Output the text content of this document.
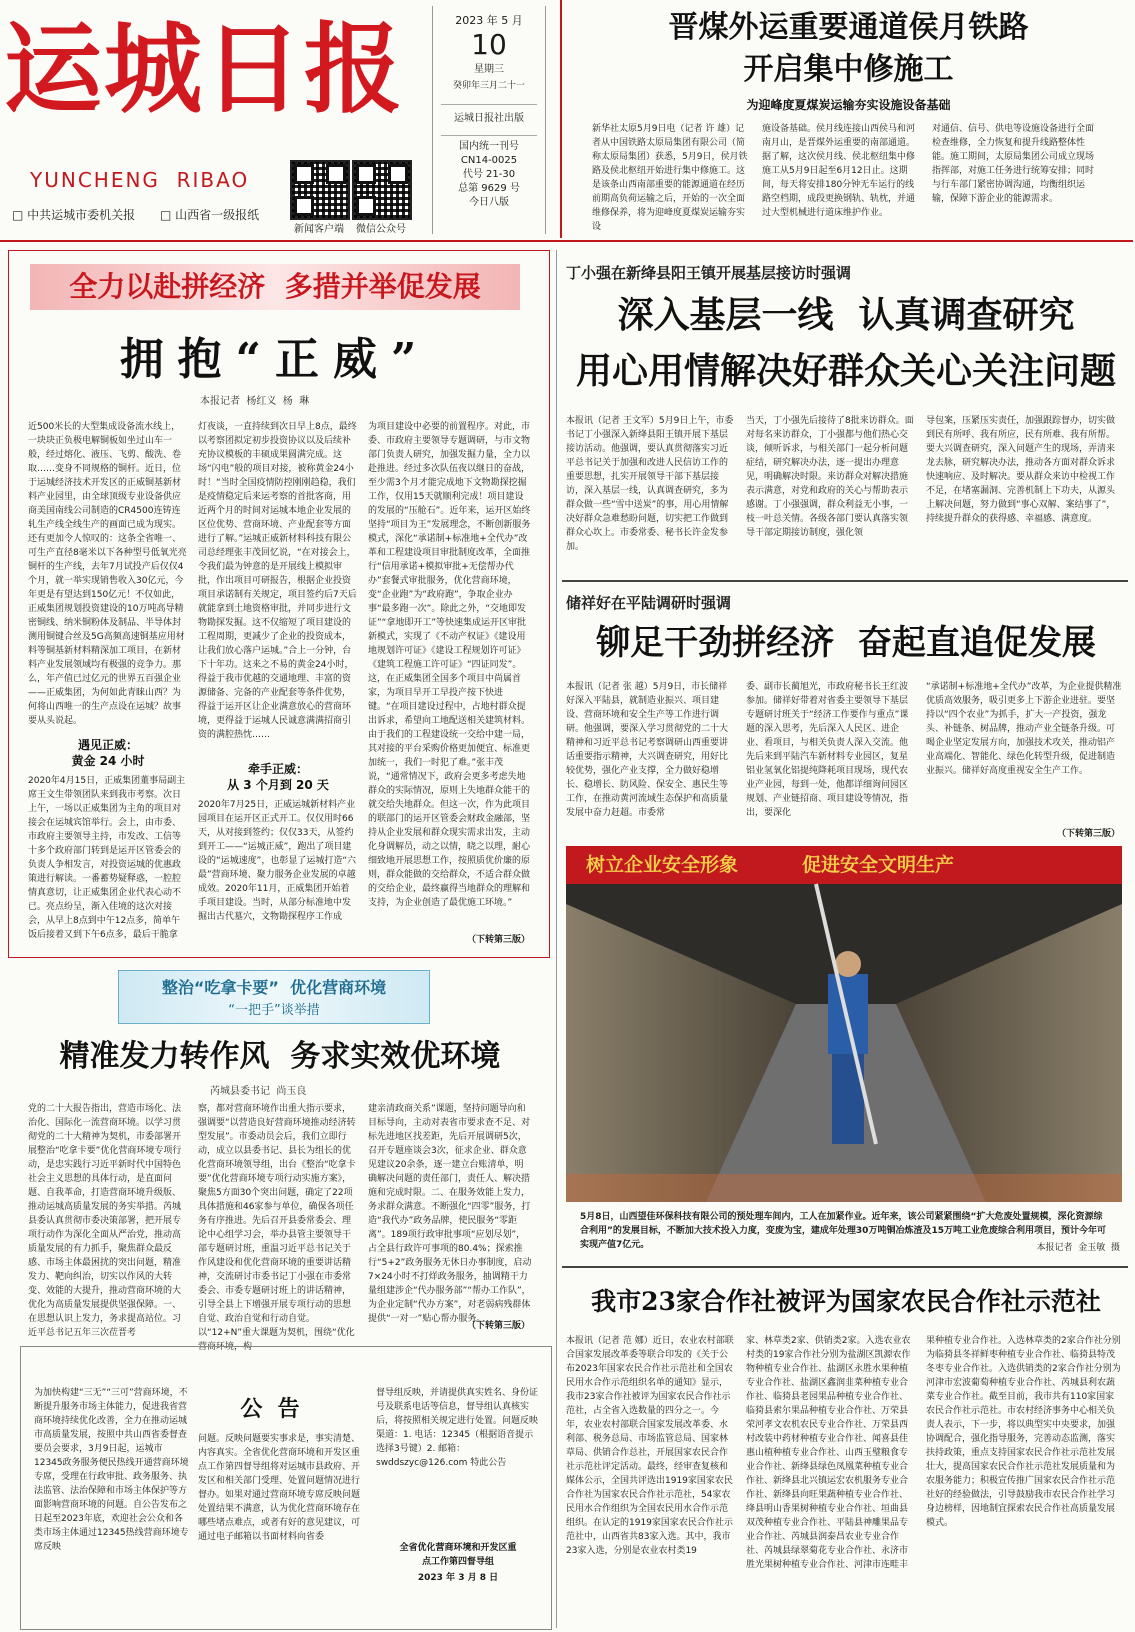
运城日报
YUNCHENG  RIBAO
□ 中共运城市委机关报	□ 山西省一级报纸
新闻客户端	微信公众号
2023 年 5 月
10
星期三
癸卯年三月二十一
运城日报社出版
国内统一刊号
CN14-0025
代号 21-30
总第 9629 号
今日八版
晋煤外运重要通道侯月铁路
开启集中修施工
为迎峰度夏煤炭运输夯实设施设备基础
新华社太原5月9日电（记者 许 雄）记者从中国铁路太原局集团有限公司（简称太原局集团）获悉，5月9日，侯月铁路及侯北枢纽开始进行集中修施工。这是该条山西南部重要的能源通道在经历前期高负荷运输之后，开始的一次全面维修保养，将为迎峰度夏煤炭运输夯实设
施设备基础。侯月线连接山西侯马和河南月山，是晋煤外运重要的南部通道。据了解，这次侯月线、侯北枢纽集中修施工从5月9日起至6月12日止。这期间，每天将安排180分钟无车运行的线路空档期，成段更换钢轨、轨枕，并通过大型机械进行道床维护作业。
对通信、信号、供电等设施设备进行全面检查维修，全力恢复和提升线路整体性能。施工期间，太原局集团公司成立现场指挥部，对施工任务进行统筹安排；同时与行车部门紧密协调沟通，均衡组织运输，保障下游企业的能源需求。
全力以赴拼经济  多措并举促发展
拥抱“正威”
本报记者  杨红义  杨  琳
近500米长的大型集成设备流水线上，一块块正负极电解铜板如坐过山车一般，经过熔化、液压、飞剪、酸洗、卷取……变身不同规格的铜杆。近日，位于运城经济技术开发区的正威铜基新材料产业园里，由全球顶级专业设备供应商美国南线公司制造的CR4500连铸连轧生产线全线生产的画面已成为现实。还有更加令人惊叹的：这条全省唯一、可生产直径8毫米以下各种型号低氧光亮铜杆的生产线，去年7月试投产后仅仅4个月，就一举实现销售收入30亿元，今年更是有望达到150亿元！不仅如此，正威集团规划投资建设的10万吨高导精密铜线、纳米铜粉体及制品、半导体封测用铜键合丝及5G高频高速铜基应用材料等铜基新材料精深加工项目，在新材料产业发展领域均有极强的竞争力。那么，年产值已过亿元的世界五百强企业——正威集团，为何如此青睐山西？为何将山西唯一的生产点设在运城？故事要从头说起。
遇见正威：
黄金 24 小时
2020年4月15日，正威集团董事局副主席王文生带领团队来到我市考察。次日上午，一场以正威集团为主角的项目对接会在运城宾馆举行。会上，由市委、市政府主要领导主持，市发改、工信等十多个政府部门转到是运开区管委会的负责人争相发言，对投资运城的优惠政策进行解读。一番蓄势疑释惑，一腔腔情真意切，让正威集团企业代表心动不已。亮点纷呈，渐入佳境的这次对接会，从早上8点到中午12点多，简单午饭后接着又到下午6点多，最后干脆拿
灯夜谈，一直持续到次日早上8点，最终以考察团拟定初步投资协议以及后续补充协议模板的丰硕成果圆满完成。这场“闪电”般的项目对接，被称黄金24小时！“当时全国疫情防控刚刚趋稳，我们是疫情稳定后来运考察的首批客商，用近两个月的时间对运城本地企业发展的区位优势、营商环境、产业配套等方面进行了解。”运城正威新材料科技有限公司总经理张丰茂回忆说，“在对接会上，令我们最为钟意的是开展线上模拟审批，作出项目可研报告，根据企业投资项目承诺制有关规定，项目签约后7天后就能拿到土地资格审批，并同步进行文物勘探发掘。这不仅缩短了项目建设的工程周期，更减少了企业的投资成本，让我们放心落户运城。”合上一分钟，台下十年功。这来之不易的黄金24小时，得益于我市优越的交通地理、丰富的资源储备、完备的产业配套等条件优势，得益于运开区让企业满意放心的营商环境，更得益于运城人民诚意满满招商引资的满腔热忱……
牵手正威：
从 3 个月到 20 天
2020年7月25日，正威运城新材料产业园项目在运开区正式开工。仅仅用时66天，从对接到签约；仅仅33天，从签约到开工——“运城正威”，跑出了项目建设的“运城速度”，也彰显了运城打造“六最”营商环境、聚力服务企业发展的卓越成效。2020年11月，正威集团开始着手项目建设。当时，从部分标准地中发掘出古代墓穴，文物勘探程序工作成
为项目建设中必要的前置程序。对此，市委、市政府主要领导专题调研，与市文物部门负责人研究，加强发掘力量，全力以赴推进。经过多次队伍夜以继日的奋战，至少需3个月才能完成地下文物勘探挖掘工作，仅用15天就顺利完成！项目建设的发展的“压舱石”。近年来，运开区始终坚持“项目为王”发展理念，不断创新服务模式，深化“承诺制+标准地+全代办”改革和工程建设项目审批制度改革，全面推行“信用承诺+模拟审批+无偿帮办代办”套餐式审批服务，优化营商环境，变“企业跑”为“政府跑”，争取企业办事“最多跑一次”。除此之外，“交地即发证”“拿地即开工”等快速集成运开区审批新模式，实现了《不动产权证》《建设用地规划许可证》《建设工程规划许可证》《建筑工程施工许可证》“四证同发”。这，在正威集团全国多个项目中尚属首家，为项目早开工早投产按下快进键。“在项目建设过程中，占地村群众提出诉求，希望向工地配送相关建筑材料。由于我们的工程建设统一交给中建一局，其对接的平台采购价格更加便宜、标准更加统一，我们一时犯了难。”张丰茂说，“通常情况下，政府会更多考虑失地群众的实际情况，原则上失地群众能干的就交给失地群众。但这一次，作为此项目的联部门的运开区管委会财政金融部，坚持从企业发展和群众现实需求出发，主动化身调解员，动之以情，晓之以理，耐心细致地开展思想工作，按照质优价廉的原则，群众能做的交给群众，不适合群众做的交给企业，最终赢得当地群众的理解和支持，为企业创造了最优施工环境。”
（下转第三版）
丁小强在新绛县阳王镇开展基层接访时强调
深入基层一线  认真调查研究
用心用情解决好群众关心关注问题
本报讯（记者 王文军）5月9日上午，市委书记丁小强深入新绛县阳王镇开展下基层接访活动。他强调，要认真贯彻落实习近平总书记关于加强和改进人民信访工作的重要思想，扎实开展领导干部下基层接访，深入基层一线，认真调查研究，多为群众做一些“雪中送炭”的事，用心用情解决好群众急难愁盼问题，切实把工作做到群众心坎上。市委常委、秘书长许金发参加。
当天，丁小强先后接待了8批来访群众。面对每名来访群众，丁小强都与他们热心交谈，倾听诉求，与相关部门一起分析问题症结，研究解决办法，逐一提出办理意见，明确解决时限。来访群众对解决措施表示满意，对党和政府的关心与帮助表示感谢。丁小强强调，群众利益无小事，一枝一叶总关情。各级各部门要认真落实领导干部定期接访制度，强化领
导包案，压紧压实责任，加强跟踪督办，切实做到民有所呼、我有所应，民有所难、我有所帮。要大兴调查研究，深入问题产生的现场，弄清来龙去脉，研究解决办法，推动各方面对群众诉求快速响应、及时解决。要从群众来访中检视工作不足，在堵塞漏洞、完善机制上下功夫，从源头上解决问题，努力做到“事心双解、案结事了”，持续提升群众的获得感、幸福感、满意度。
储祥好在平陆调研时强调
铆足干劲拼经济  奋起直追促发展
本报讯（记者 张 越）5月9日，市长储祥好深入平陆县，就制造业振兴、项目建设、营商环境和安全生产等工作进行调研。他强调，要深入学习贯彻党的二十大精神和习近平总书记考察调研山西重要讲话重要指示精神，大兴调查研究，用好比较优势，强化产业支撑，全力做好稳增长、稳增长、防风险、保安全、惠民生等工作，在推动黄河流域生态保护和高质量发展中奋力赶超。市委常
委、副市长蔺旭光，市政府秘书长王红波参加。储祥好带着对省委主要领导下基层专题研讨班关于“经济工作要作与重点”课题的深入思考，先后深入人民区、进企业、看项目，与相关负责人深入交流。他先后来到平陆汽车新材料专业园区，复星铝业氢氧化铝提纯降耗项目现场，现代农业产业园，每到一处，他都详细询问园区规划、产业链招商、项目建设等情况，指出，要深化
“承诺制+标准地+全代办”改革，为企业提供精准优质高效服务，吸引更多上下游企业进驻。要坚持以“四个农业”为抓手，扩大一产投资，强龙头、补链条、树品牌，推动产业全链条升级。可喝企业坚定发展方向，加强技术攻关，推动铝产业高端化、智能化、绿色化转型升级，促进制造业振兴。储祥好高度重视安全生产工作。
（下转第三版）
树立企业安全形象	促进安全文明生产
5月8日，山西望佳环保科技有限公司的预处理车间内，工人在加紧作业。近年来，该公司紧紧围绕“扩大危废处置规模，深化资源综合利用”的发展目标，不断加大技术投入力度，变废为宝，建成年处理30万吨铜冶炼渣及15万吨工业危废综合利用项目，预计今年可实现产值7亿元。	本报记者  金玉敏  摄
整治“吃拿卡要”  优化营商环境
“一把手”谈举措
精准发力转作风  务求实效优环境
芮城县委书记  尚玉良
党的二十大报告指出，营造市场化、法治化、国际化一流营商环境。以学习贯彻党的二十大精神为契机，市委部署开展整治“吃拿卡要”优化营商环境专项行动，是忠实践行习近平新时代中国特色社会主义思想的具体行动，是直面问题、自我革命，打造营商环境升级版、推动运城高质量发展的务实举措。芮城县委认真贯彻市委决策部署，把开展专项行动作为深化全面从严治党，推动高质量发展的有力抓手，聚焦群众最反感、市场主体最困扰的突出问题，精准发力、靶向纠治，切实以作风的大转变、效能的大提升，推动营商环境的大优化为高质量发展提供坚强保障。一、在思想认识上发力，务求提高站位。习近平总书记五年三次莅晋考
察，都对营商环境作出重大指示要求，强调要“以营造良好营商环境推动经济转型发展”。市委动员会后，我们立即行动，成立以县委书记、县长为组长的优化营商环境领导组，出台《整治“吃拿卡要”优化营商环境专项行动实施方案》，聚焦5方面30个突出问题，确定了22项具体措施和46家参与单位，确保各项任务有序推进。先后召开县委常委会、理论中心组学习会，举办县管主要领导干部专题研讨班，重温习近平总书记关于作风建设和优化营商环境的重要讲话精神，交流研讨市委书记丁小强在市委常委会、市委专题研讨班上的讲话精神，引导全县上下增强开展专项行动的思想自觉、政治自觉和行动自觉。以“12+N”重大课题为契机，围绕“优化营商环境，构
建亲清政商关系”课题，坚持问题导向和目标导向，主动对表省市要求查不足、对标先进地区找差距，先后开展调研5次，召开专题座谈会3次，征求企业、群众意见建议20余条，逐一建立台账清单，明确解决问题的责任部门，责任人、解决措施和完成时限。二、在服务效能上发力，务求群众满意。不断强化“四零”服务，打造“我代办”政务品牌，使民服务“零距离”。189项行政审批事项“应划尽划”，占全县行政许可事项的80.4%；探索推行“5+2”政务服务无休日办事制度，启动7×24小时不打烊政务服务，抽调精干力量组建涉企“代办服务部”“帮办工作队”，为企业定制“代办方案”，对老弱病残群体提供“一对一”贴心帮办服务。
（下转第三版）
公  告
为加快构建“三无”“三可”营商环境，不断提升服务市场主体能力，促进我省营商环境持续优化改善，全力在推动运城市高质量发展，按照中共山西省委督查要员会要求，3月9日起，运城市12345政务服务便民热线开通营商环境专席，受理在行政审批、政务服务、执法监管、法治保障和市场主体保护等方面影响营商环境的问题。自公告发布之日起至2023年底，欢迎社会公众和各类市场主体通过12345热线营商环境专席反映
问题。反映问题要实事求是，事实清楚、内容真实。全省优化营商环境和开发区重点工作第四督导组将对运城市县政府、开发区和相关部门受理、处置问题情况进行督办。如果对通过营商环境专席反映问题处置结果不满意，认为优化营商环境存在哪些堵点难点，或者有好的意见建议，可通过电子邮箱以书面材料向省委
督导组反映，并请提供真实姓名、身份证号及联系电话等信息，督导组认真核实后，将按照相关规定进行处置。问题反映渠道：1. 电话：12345（根据语音提示选择3号键）2. 邮箱：swddszyc@126.com 特此公告
全省优化营商环境和开发区重
点工作第四督导组
2023 年 3 月 8 日
我市23家合作社被评为国家农民合作社示范社
本报讯（记者 范 娜）近日，农业农村部联合国家发展改革委等联合印发的《关于公布2023年国家农民合作社示范社和全国农民用水合作示范组织名单的通知》显示，我市23家合作社被评为国家农民合作社示范社，占全省入选数量的四分之一。今年，农业农村部联合国家发展改革委、水利部、税务总局、市场监管总局、国家林草局、供销合作总社，开展国家农民合作社示范社评定活动。最终，经审查复核和媒体公示，全国共评选出1919家国家农民合作社为国家农民合作社示范社，54家农民用水合作组织为全国农民用水合作示范组织。在认定的1919家国家农民合作社示范社中，山西省共83家入选。其中，我市23家入选，分别是农业农村类19
家、林草类2家、供销类2家。入选农业农村类的19家合作社分别为盐湖区凯源农作物种植专业合作社、盐湖区永胜水果种植专业合作社、盐湖区鑫润韭菜种植专业合作社、临猗县老园果品种植专业合作社、临猗县索尔果品种植专业合作社、万荣县荣河孝文农机农民专业合作社、万荣县西村改装中药材种植专业合作社、闻喜县佳惠山植种植专业合作社、山西玉璧粮食专业合作社、新绛县绿色凤凰菜种植专业合作社、新绛县北兴镇运宏农机服务专业合作社、新绛县向旺果蔬种植专业合作社、绛县明山香果树种植专业合作社、垣曲县双茂种植专业合作社、平陆县神雕果品专业合作社、芮城县润泰昌农业专业合作社、芮城县绿翠菊花专业合作社、永济市胜光果树种植专业合作社、河津市连畦丰
果种植专业合作社。入选林草类的2家合作社分别为临猗县冬祥鲜枣种植专业合作社、临猗县特茂冬枣专业合作社。入选供销类的2家合作社分别为河津市宏波葡萄种植专业合作社、芮城县利农蔬菜专业合作社。截至目前，我市共有110家国家农民合作社示范社。市农村经济事务中心相关负责人表示，下一步，将以典型实中央要求，加强协调配合，强化指导服务，完善动态监测，落实扶持政策，重点支持国家农民合作社示范社发展壮大，提高国家农民合作社示范社发展质量和为农服务能力；积极宣传推广国家农民合作社示范社好的经验做法，引导鼓励我市农民合作社学习身边榜样，因地制宜探索农民合作社高质量发展模式。
